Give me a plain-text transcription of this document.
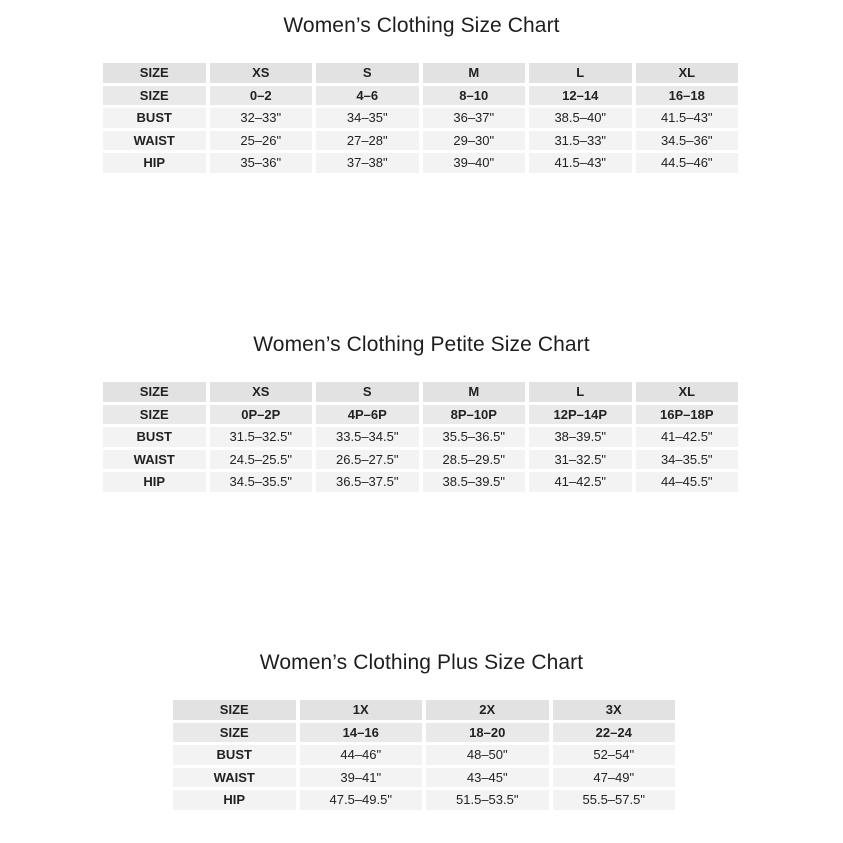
Women’s Clothing Size Chart
SIZE	XS	S	M	L	XL
SIZE	0–2	4–6	8–10	12–14	16–18
BUST	32–33"	34–35"	36–37"	38.5–40"	41.5–43"
WAIST	25–26"	27–28"	29–30"	31.5–33"	34.5–36"
HIP	35–36"	37–38"	39–40"	41.5–43"	44.5–46"
Women’s Clothing Petite Size Chart
SIZE	XS	S	M	L	XL
SIZE	0P–2P	4P–6P	8P–10P	12P–14P	16P–18P
BUST	31.5–32.5"	33.5–34.5"	35.5–36.5"	38–39.5"	41–42.5"
WAIST	24.5–25.5"	26.5–27.5"	28.5–29.5"	31–32.5"	34–35.5"
HIP	34.5–35.5"	36.5–37.5"	38.5–39.5"	41–42.5"	44–45.5"
Women’s Clothing Plus Size Chart
SIZE	1X	2X	3X
SIZE	14–16	18–20	22–24
BUST	44–46"	48–50"	52–54"
WAIST	39–41"	43–45"	47–49"
HIP	47.5–49.5"	51.5–53.5"	55.5–57.5"
